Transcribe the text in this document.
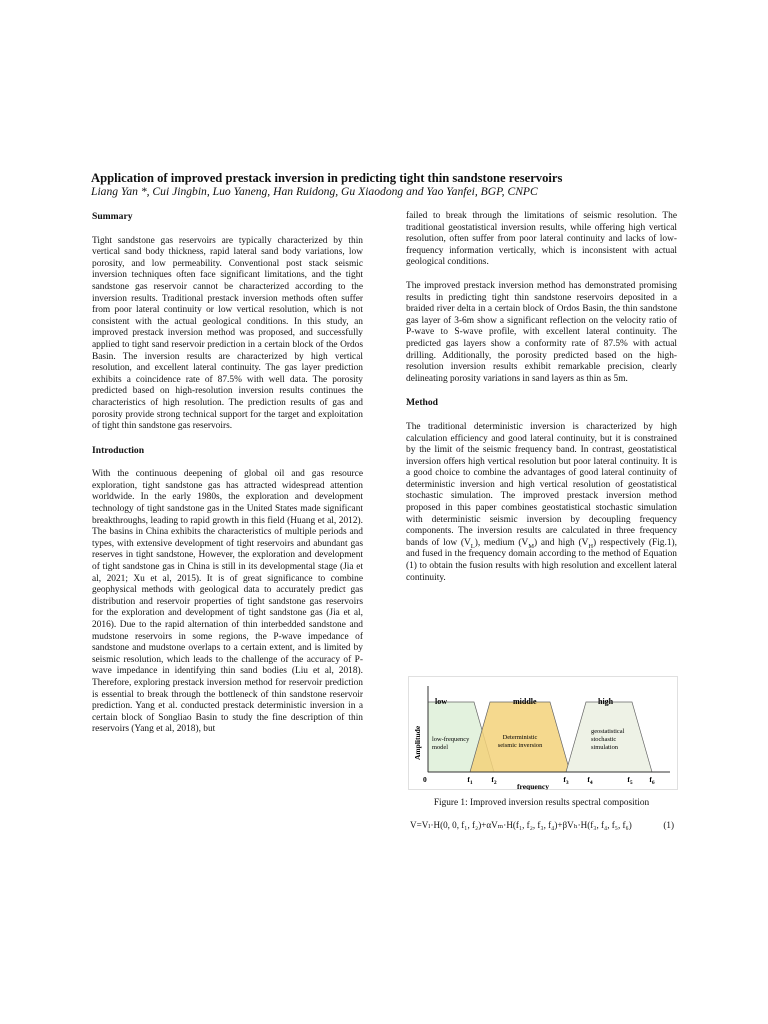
Application of improved prestack inversion in predicting tight thin sandstone reservoirs
Liang Yan *, Cui Jingbin, Luo Yaneng, Han Ruidong, Gu Xiaodong and Yao Yanfei, BGP, CNPC
Summary

Tight sandstone gas reservoirs are typically characterized by thin vertical sand body thickness, rapid lateral sand body variations, low porosity, and low permeability. Conventional post stack seismic inversion techniques often face significant limitations, and the tight sandstone gas reservoir cannot be characterized according to the inversion results. Traditional prestack inversion methods often suffer from poor lateral continuity or low vertical resolution, which is not consistent with the actual geological conditions. In this study, an improved prestack inversion method was proposed, and successfully applied to tight sand reservoir prediction in a certain block of the Ordos Basin. The inversion results are characterized by high vertical resolution, and excellent lateral continuity. The gas layer prediction exhibits a coincidence rate of 87.5% with well data. The porosity predicted based on high-resolution inversion results continues the characteristics of high resolution. The prediction results of gas and porosity provide strong technical support for the target and exploitation of tight thin sandstone gas reservoirs.

Introduction

With the continuous deepening of global oil and gas resource exploration, tight sandstone gas has attracted widespread attention worldwide. In the early 1980s, the exploration and development technology of tight sandstone gas in the United States made significant breakthroughs, leading to rapid growth in this field (Huang et al, 2012). The basins in China exhibits the characteristics of multiple periods and types, with extensive development of tight reservoirs and abundant gas reserves in tight sandstone, However, the exploration and development of tight sandstone gas in China is still in its developmental stage (Jia et al, 2021; Xu et al, 2015). It is of great significance to combine geophysical methods with geological data to accurately predict gas distribution and reservoir properties of tight sandstone gas reservoirs for the exploration and development of tight sandstone gas (Jia et al, 2016). Due to the rapid alternation of thin interbedded sandstone and mudstone reservoirs in some regions, the P-wave impedance of sandstone and mudstone overlaps to a certain extent, and is limited by seismic resolution, which leads to the challenge of the accuracy of P-wave impedance in identifying thin sand bodies (Liu et al, 2018). Therefore, exploring prestack inversion method for reservoir prediction is essential to break through the bottleneck of thin sandstone reservoir prediction. Yang et al. conducted prestack deterministic inversion in a certain block of Songliao Basin to study the fine description of thin reservoirs (Yang et al, 2018), but

failed to break through the limitations of seismic resolution. The traditional geostatistical inversion results, while offering high vertical resolution, often suffer from poor lateral continuity and lacks of low-frequency information vertically, which is inconsistent with actual geological conditions.

The improved prestack inversion method has demonstrated promising results in predicting tight thin sandstone reservoirs deposited in a braided river delta in a certain block of Ordos Basin, the thin sandstone gas layer of 3-6m show a significant reflection on the velocity ratio of P-wave to S-wave profile, with excellent lateral continuity. The predicted gas layers show a conformity rate of 87.5% with actual drilling. Additionally, the porosity predicted based on the high-resolution inversion results exhibit remarkable precision, clearly delineating porosity variations in sand layers as thin as 5m.

Method

The traditional deterministic inversion is characterized by high calculation efficiency and good lateral continuity, but it is constrained by the limit of the seismic frequency band. In contrast, geostatistical inversion offers high vertical resolution but poor lateral continuity. It is a good choice to combine the advantages of good lateral continuity of deterministic inversion and high vertical resolution of geostatistical stochastic simulation. The improved prestack inversion method proposed in this paper combines geostatistical stochastic simulation with deterministic seismic inversion by decoupling frequency components. The inversion results are calculated in three frequency bands of low $(V_L)$, medium $(V_M)$ and high $(V_H)$ respectively (Fig.1), and fused in the frequency domain according to the method of Equation (1) to obtain the fusion results with high resolution and excellent lateral continuity.

Amplitude
low	middle	high
low-frequency
model
Deterministic
seismic inversion
geostatistical
stochastic
simulation
0	$f_1$	$f_2$	$f_3$	$f_4$	$f_5$ $f_6$
frequency
Figure 1: Improved inversion results spectral composition
V=Vₗ·H(0, 0, f₁, f₂)+αVₘ·H(f₁, f₂, f₃, f₄)+βVₕ·H(f₃, f₄, f₅, f₆)	(1)
